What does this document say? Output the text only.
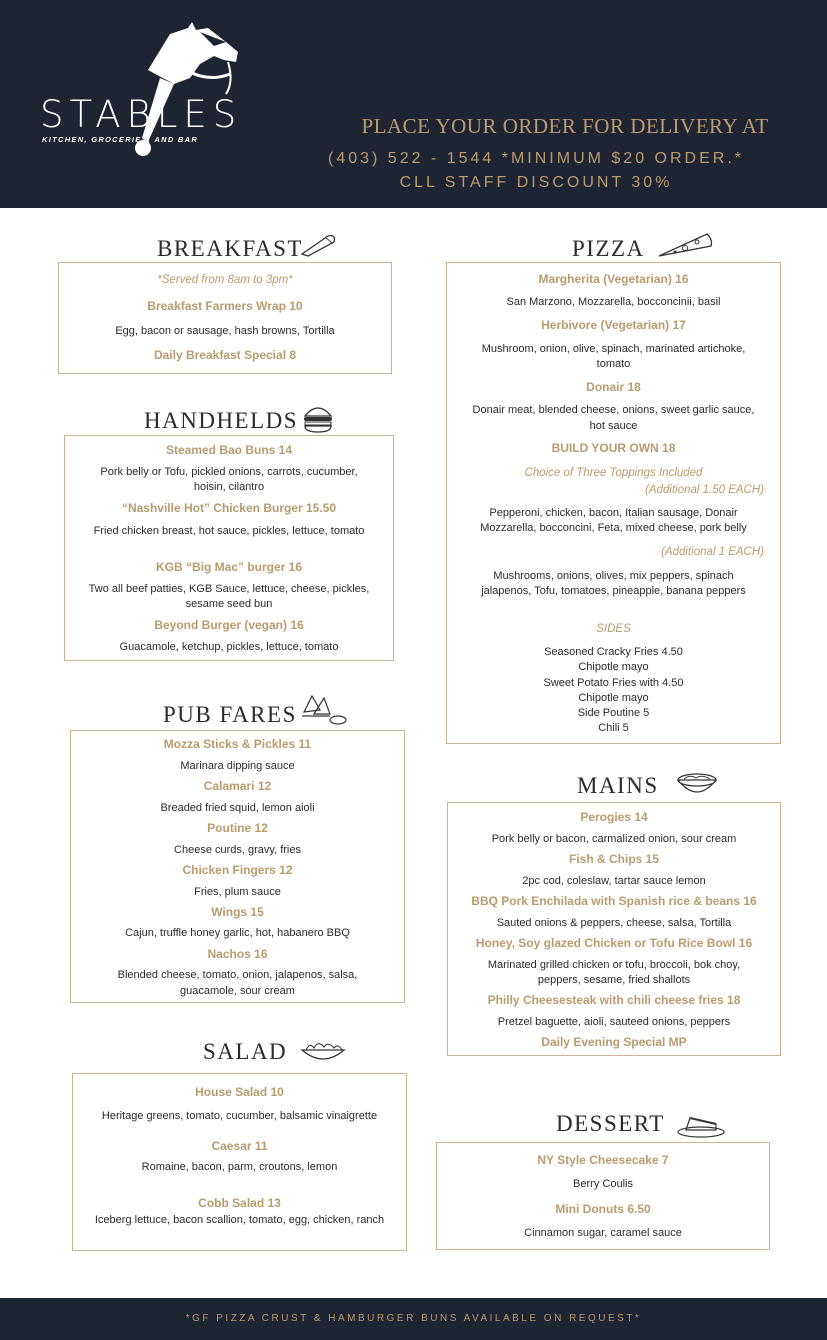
STABLES
KITCHEN, GROCERIES, AND BAR
PLACE YOUR ORDER FOR DELIVERY AT
(403) 522 - 1544 *MINIMUM $20 ORDER.*
CLL STAFF DISCOUNT 30%
BREAKFAST
*Served from 8am to 3pm*
Breakfast Farmers Wrap 10
Egg, bacon or sausage, hash browns, Tortilla
Daily Breakfast Special 8
HANDHELDS
Steamed Bao Buns 14
Pork belly or Tofu, pickled onions, carrots, cucumber,
hoisin, cilantro
“Nashville Hot” Chicken Burger 15.50
Fried chicken breast, hot sauce, pickles, lettuce, tomato
KGB “Big Mac” burger 16
Two all beef patties, KGB Sauce, lettuce, cheese, pickles,
sesame seed bun
Beyond Burger (vegan) 16
Guacamole, ketchup, pickles, lettuce, tomato
PUB FARES
Mozza Sticks & Pickles 11
Marinara dipping sauce
Calamari 12
Breaded fried squid, lemon aioli
Poutine 12
Cheese curds, gravy, fries
Chicken Fingers 12
Fries, plum sauce
Wings 15
Cajun, truffle honey garlic, hot, habanero BBQ
Nachos 16
Blended cheese, tomato, onion, jalapenos, salsa,
guacamole, sour cream
SALAD
House Salad 10
Heritage greens, tomato, cucumber, balsamic vinaigrette
Caesar 11
Romaine, bacon, parm, croutons, lemon
Cobb Salad 13
Iceberg lettuce, bacon scallion, tomato, egg, chicken, ranch
PIZZA
Margherita (Vegetarian) 16
San Marzono, Mozzarella, bocconcinii, basil
Herbivore (Vegetarian) 17
Mushroom, onion, olive, spinach, marinated artichoke,
tomato
Donair 18
Donair meat, blended cheese, onions, sweet garlic sauce,
hot sauce
BUILD YOUR OWN 18
Choice of Three Toppings Included
(Additional 1.50 EACH)
Pepperoni, chicken, bacon, Italian sausage, Donair
Mozzarella, bocconcini, Feta, mixed cheese, pork belly
(Additional 1 EACH)
Mushrooms, onions, olives, mix peppers, spinach
jalapenos, Tofu, tomatoes, pineapple, banana peppers
SIDES
Seasoned Cracky Fries 4.50
Chipotle mayo
Sweet Potato Fries with 4.50
Chipotle mayo
Side Poutine 5
Chili 5
MAINS
Perogies 14
Pork belly or bacon, carmalized onion, sour cream
Fish & Chips 15
2pc cod, coleslaw, tartar sauce lemon
BBQ Pork Enchilada with Spanish rice & beans 16
Sauted onions & peppers, cheese, salsa, Tortilla
Honey, Soy glazed Chicken or Tofu Rice Bowl 16
Marinated grilled chicken or tofu, broccoli, bok choy,
peppers, sesame, fried shallots
Philly Cheesesteak with chili cheese fries 18
Pretzel baguette, aioli, sauteed onions, peppers
Daily Evening Special MP
DESSERT
NY Style Cheesecake 7
Berry Coulis
Mini Donuts 6.50
Cinnamon sugar, caramel sauce
*GF PIZZA CRUST & HAMBURGER BUNS AVAILABLE ON REQUEST*
